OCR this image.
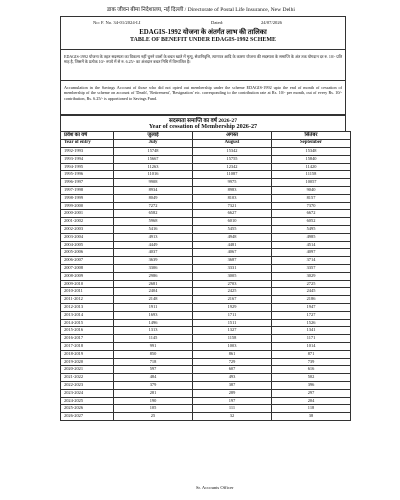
डाक जीवन बीमा निदेशालय, नई दिल्ली / Directorate of Postal Life Insurance, New Delhi
No: F. No. 34-01/2024-LI	Dated:	24/07/2026
EDAGIS-1992 योजना के अंतर्गत लाभ की तालिका
TABLE OF BENEFIT UNDER EDAGIS-1992 SCHEME
EDAGIS-1992 योजना के तहत सदस्यता का विकल्प नहीं चुनने वालों के बचत खाते में मृत्यु, सेवानिवृत्ति, त्यागपत्र आदि के कारण योजना की सदस्यता के समाप्ति के अंत तक योगदान दर रु. 10/- प्रति माह है, जिसमें के प्रत्येक 10/- रुपये में से रु. 6.25/- का अंशदान बचत निधि में विभाजित है।
Accumulation in the Savings Account of those who did not opted out membership under the scheme EDAGIS-1992 upto the end of month of cessation of membership of the scheme on account of 'Death', 'Retirement', 'Resignation' etc. corresponding to the contribution rate at Rs. 10/- per month, out of every Rs. 10/- contribution, Rs. 6.25/- is apportioned to Savings Fund.
सदस्यता समाप्ति का वर्ष 2026-27
Year of cessation of Membership 2026-27
प्रवेश का वर्ष	जुलाई	अगस्त	सितंबर
Year of entry	July	August	September
1992-1993	15748	15342	15348
1993-1994	15667	15755	15840
1994-1995	11263	12342	11420
1995-1996	11016	11087	11158
1996-1997	9908	9975	10057
1997-1998	8934	8983	9040
1998-1999	8049	8103	8157
1999-2000	7272	7321	7370
2000-2001	6582	6627	6672
2001-2002	5968	6010	6052
2002-2003	5416	5455	5495
2003-2004	4913	4948	4985
2004-2005	4449	4481	4514
2005-2006	4037	4067	4097
2006-2007	3639	3687	3714
2007-2008	3306	3331	3357
2008-2009	2986	3005	3029
2009-2010	2681	2703	2725
2010-2011	2404	2425	2445
2011-2012	2148	2167	2186
2012-2013	1911	1929	1947
2013-2014	1693	1711	1727
2014-2015	1496	1511	1526
2015-2016	1313	1327	1341
2016-2017	1145	1158	1171
2017-2018	991	1003	1014
2018-2019	850	861	871
2019-2020	718	729	739
2020-2021	597	607	616
2021-2022	484	493	502
2022-2023	379	387	396
2023-2024	281	289	297
2024-2025	190	197	204
2025-2026	105	111	118
2026-2027	25	32	38
Sr. Accounts Officer
